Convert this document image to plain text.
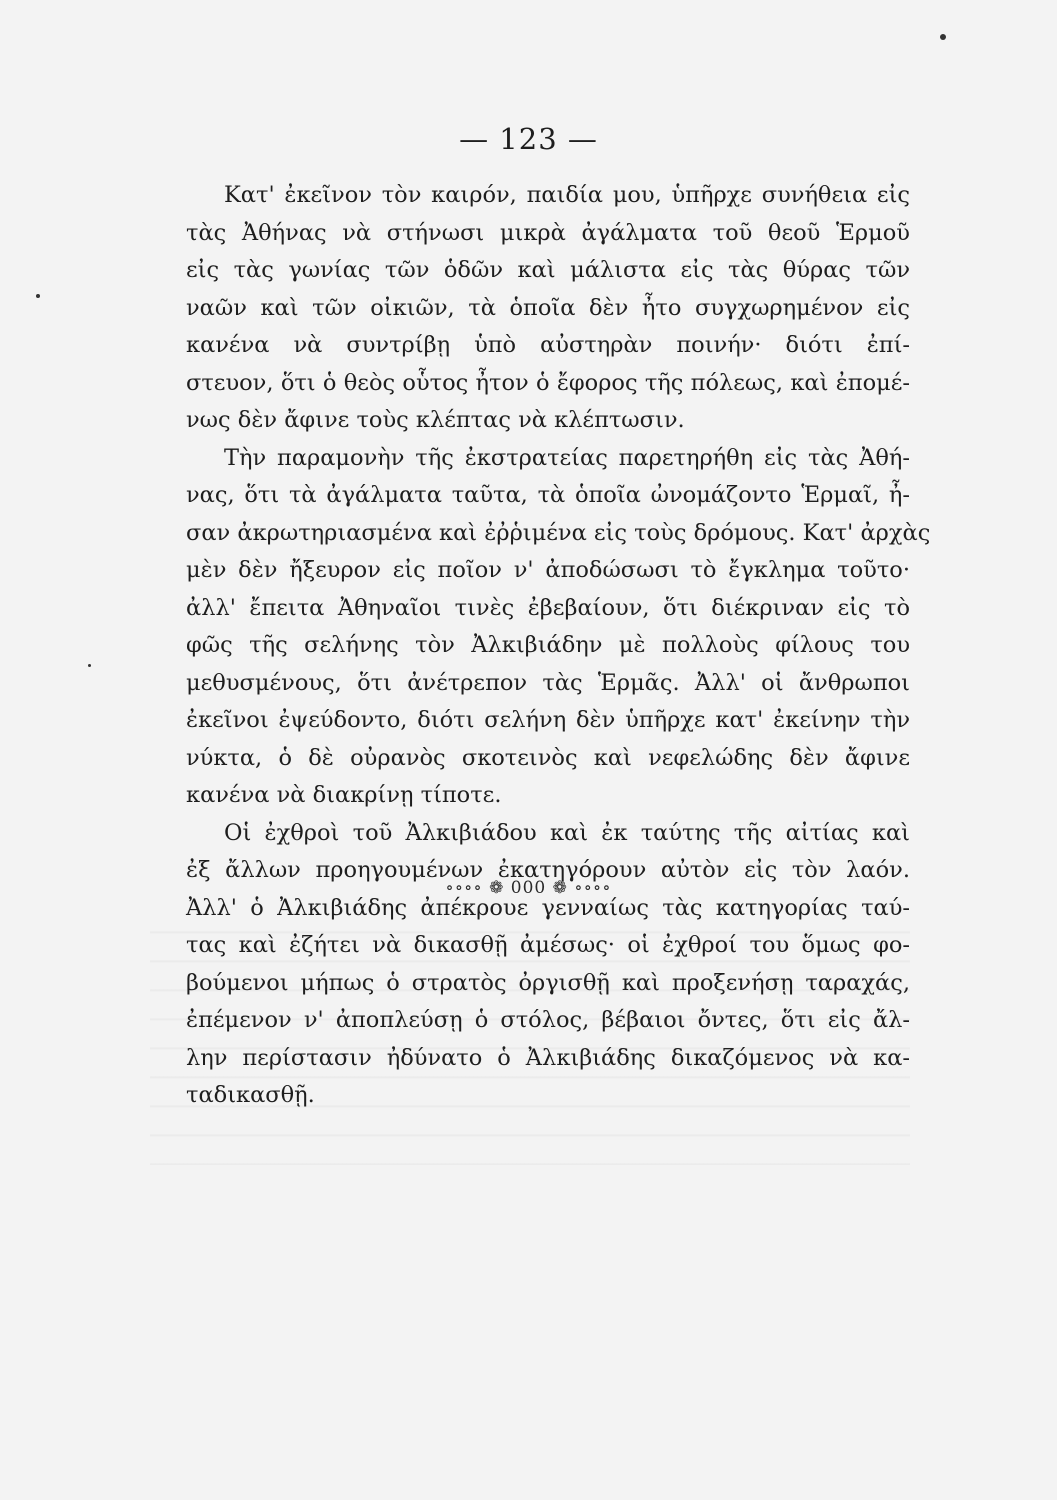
— 123 —
Κατ' ἐκεῖνον τὸν καιρόν, παιδία μου, ὑπῆρχε συνήθεια εἰς
τὰς Ἀθήνας νὰ στήνωσι μικρὰ ἀγάλματα τοῦ θεοῦ Ἑρμοῦ
εἰς τὰς γωνίας τῶν ὁδῶν καὶ μάλιστα εἰς τὰς θύρας τῶν
ναῶν καὶ τῶν οἰκιῶν, τὰ ὁποῖα δὲν ἦτο συγχωρημένον εἰς
κανένα νὰ συντρίβῃ ὑπὸ αὐστηρὰν ποινήν· διότι ἐπί-
στευον, ὅτι ὁ θεὸς οὗτος ἦτον ὁ ἔφορος τῆς πόλεως, καὶ ἐπομέ-
νως δὲν ἄφινε τοὺς κλέπτας νὰ κλέπτωσιν.
Τὴν παραμονὴν τῆς ἐκστρατείας παρετηρήθη εἰς τὰς Ἀθή-
νας, ὅτι τὰ ἀγάλματα ταῦτα, τὰ ὁποῖα ὠνομάζοντο Ἑρμαῖ, ἦ-
σαν ἀκρωτηριασμένα καὶ ἐῤῥιμένα εἰς τοὺς δρόμους. Κατ' ἀρχὰς
μὲν δὲν ἤξευρον εἰς ποῖον ν' ἀποδώσωσι τὸ ἔγκλημα τοῦτο·
ἀλλ' ἔπειτα Ἀθηναῖοι τινὲς ἐβεβαίουν, ὅτι διέκριναν εἰς τὸ
φῶς τῆς σελήνης τὸν Ἀλκιβιάδην μὲ πολλοὺς φίλους του
μεθυσμένους, ὅτι ἀνέτρεπον τὰς Ἑρμᾶς. Ἀλλ' οἱ ἄνθρωποι
ἐκεῖνοι ἐψεύδοντο, διότι σελήνη δὲν ὑπῆρχε κατ' ἐκείνην τὴν
νύκτα, ὁ δὲ οὐρανὸς σκοτεινὸς καὶ νεφελώδης δὲν ἄφινε
κανένα νὰ διακρίνῃ τίποτε.
Οἱ ἐχθροὶ τοῦ Ἀλκιβιάδου καὶ ἐκ ταύτης τῆς αἰτίας καὶ
ἐξ ἄλλων προηγουμένων ἐκατηγόρουν αὐτὸν εἰς τὸν λαόν.
Ἀλλ' ὁ Ἀλκιβιάδης ἀπέκρουε γενναίως τὰς κατηγορίας ταύ-
τας καὶ ἐζήτει νὰ δικασθῇ ἀμέσως· οἱ ἐχθροί του ὅμως φο-
βούμενοι μήπως ὁ στρατὸς ὀργισθῇ καὶ προξενήσῃ ταραχάς,
ἐπέμενον ν' ἀποπλεύσῃ ὁ στόλος, βέβαιοι ὄντες, ὅτι εἰς ἄλ-
λην περίστασιν ἠδύνατο ὁ Ἀλκιβιάδης δικαζόμενος νὰ κα-
ταδικασθῇ.
∘∘∘∘ ❁ 000 ❁ ∘∘∘∘
